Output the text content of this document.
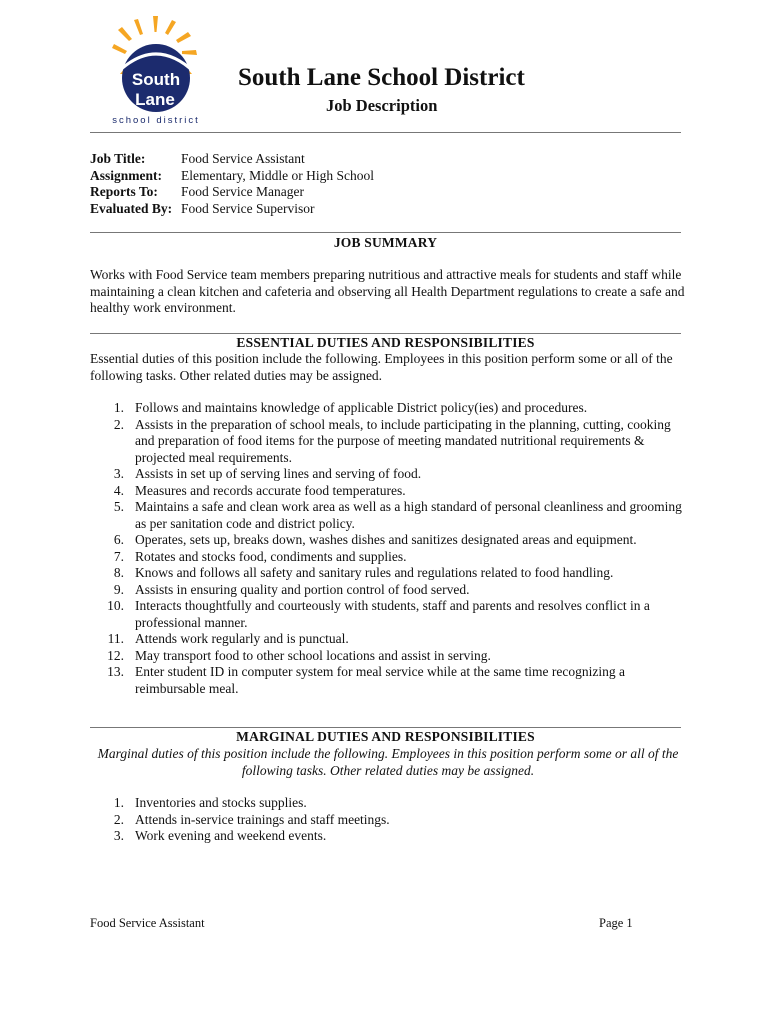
South
Lane
school district
South Lane School District
Job Description
Job Title:	Food Service Assistant
Assignment:	Elementary, Middle or High School
Reports To:	Food Service Manager
Evaluated By: Food Service Supervisor
JOB SUMMARY

Works with Food Service team members preparing nutritious and attractive meals for students and staff while maintaining a clean kitchen and cafeteria and observing all Health Department regulations to create a safe and healthy work environment.

ESSENTIAL DUTIES AND RESPONSIBILITIES

Essential duties of this position include the following. Employees in this position perform some or all of the following tasks. Other related duties may be assigned.

1. Follows and maintains knowledge of applicable District policy(ies) and procedures.
2. Assists in the preparation of school meals, to include participating in the planning, cutting, cooking and preparation of food items for the purpose of meeting mandated nutritional requirements & projected meal requirements.
3. Assists in set up of serving lines and serving of food.
4. Measures and records accurate food temperatures.
5. Maintains a safe and clean work area as well as a high standard of personal cleanliness and grooming as per sanitation code and district policy.
6. Operates, sets up, breaks down, washes dishes and sanitizes designated areas and equipment.
7. Rotates and stocks food, condiments and supplies.
8. Knows and follows all safety and sanitary rules and regulations related to food handling.
9. Assists in ensuring quality and portion control of food served.
10. Interacts thoughtfully and courteously with students, staff and parents and resolves conflict in a professional manner.
11. Attends work regularly and is punctual.
12. May transport food to other school locations and assist in serving.
13. Enter student ID in computer system for meal service while at the same time recognizing a reimbursable meal.
MARGINAL DUTIES AND RESPONSIBILITIES

Marginal duties of this position include the following. Employees in this position perform some or all of the following tasks. Other related duties may be assigned.

1. Inventories and stocks supplies.
2. Attends in-service trainings and staff meetings.
3. Work evening and weekend events.
Food Service Assistant	Page 1
